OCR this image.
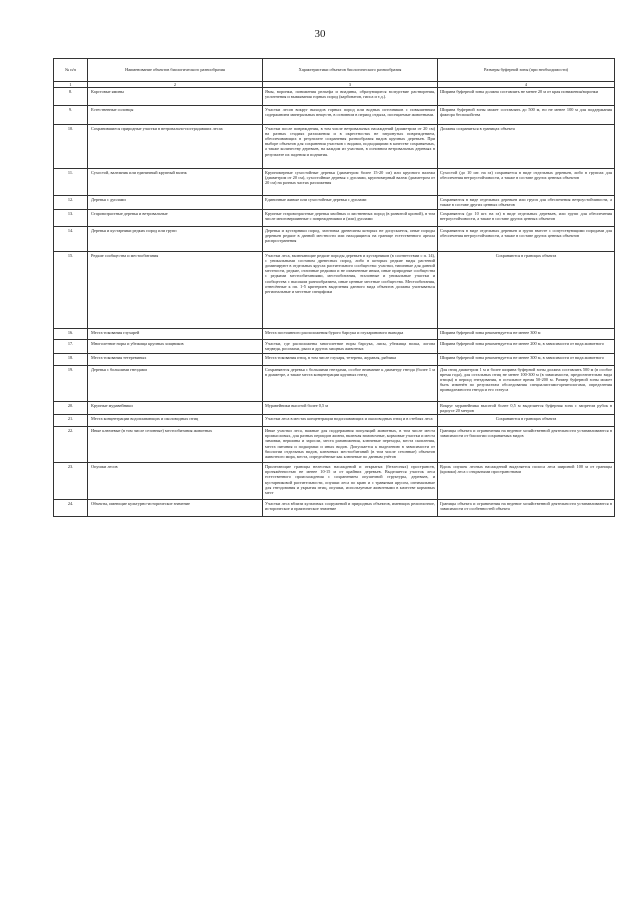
30
№ п/п	Наименование объектов биологического разнообразия	Характеристики объектов биологического разнообразия	Размеры буферной зоны (при необходимости)
1	2	3	4
8.	Карстовые ямины	Ямы, воронки, понижения рельефа и впадины, образующиеся вследствие растворения, уплотнения и вымывания горных пород (карбонатов, гипса и т.д.).	Ширина буферной зоны должна составлять не менее 20 м от края понижения/воронки
9.	Естественные солонцы	Участки лесов вокруг выходов горных пород или водных источников с повышенным содержанием минеральных веществ, в основном в период отдыха, посещаемые животными.	Ширина буферной зоны может составлять до 500 м, но не менее 100 м для поддержания фактора беспокойства
10.	Сохранившиеся природные участки в ветровально-пострадавших лесах	Участки после повреждения, в том числе ветровальных насаждений (диаметром от 20 см) на разных стадиях разложения и в окрестностях не затронутых повреждением, обеспечивающих в результате сохранения разнообразия видов крупных деревьев. При выборе объектов для сохранения участков с видами, подходящими в качестве сохраняемых, а также количеству деревьев, на каждом из участков, в основном ветровальных деревьях в результате их падения и поднятия.	Должны сохраняться в границах объекта
11.	Сухостой, валежник или единичный крупный валеж	Крупномерные сухостойные деревья (диаметром более 15-20 см) или крупного валежа (диаметром от 20 см), сухостойные деревья с дуплами, крупномерный валеж (диаметром от 20 см) на разных частях разложения	Сухостой (до 10 шт. на га) сохраняется в виде отдельных деревьев, либо в группах для обеспечения ветроустойчивости, а также в составе других ценных объектов
12.	Деревья с дуплами	Единичные живые или сухостойные деревья с дуплами	Сохраняются в виде отдельных деревьев или групп для обеспечения ветроустойчивости, а также в составе других ценных объектов
13.	Старовозрастные деревья и ветровальные	Крупные старовозрастные деревья хвойных и лиственных пород (в развитой кроной), в том числе многовершинные с повреждениями и (или) дуплами	Сохраняются (до 10 шт. на га) в виде отдельных деревьев, или групп для обеспечения ветроустойчивости, а также в составе других ценных объектов
14.	Деревья и кустарники редких пород или групп	Деревья и кустарники пород, заготовка древесины которых не допускается, иные породы деревьев редкие в данной местности или находящиеся на границе естественного ареала распространения	Сохраняются в виде отдельных деревьев и групп вместе с сопутствующими породами для обеспечения ветроустойчивости, а также в составе других ценных объектов
15.	Редкие сообщества и местообитания	Участки леса, включающие редкие породы деревьев и кустарников (в соответствии с п. 14), с уникальными составом древесных пород, либо в которых редкие виды растений доминируют в отдельных ярусах растительного сообщества: участки, типичные для данной местности, редкие, отличные редкими и не охваченные иным, иные природные сообщества с редкими местообитаниями, местообитания, эталонные и уникальные участки и сообщества с высоким разнообразием, иные ценные местные сообщества. Местообитания, отнесённые к пп. 1-5 критериев выделения данного вида объектов должны учитываться региональные и местные специфики	Сохраняются в границах объекта
16.	Места токования глухарей	Места постоянного расположения бурого барсука и глухаринового выводка	Ширина буферной зоны рекомендуется не менее 300 м
17.	Многолетние норы и убежища крупных хищников	Участки, где расположены многолетние норы барсука, лисы, убежища волка, логова медведя, росомахи, рыси и других хищных животных	Ширина буферной зоны рекомендуется не менее 200 м, в зависимости от вида животного
18.	Места токования тетеревиных	Места токования птиц, в том числе глухаря, тетерева, журавля, рябчика	Ширина буферной зоны рекомендуется не менее 300 м, в зависимости от вида животного
19.	Деревья с большими гнездами	Сохраняются деревья с большими гнездами, особое внимание к диаметру гнезда (более 1 м в диаметре, а также места концентрации крупных гнезд	Для птиц диаметром 1 м и более ширина буферной зоны должна составлять 500 м (в особое время года), для остальных птиц не менее 100-300 м (в зависимости, предпочтительно вида птицы) в период гнездования, в остальное время 50-200 м. Размер буферной зоны может быть изменён по результатам обследования специалистами-орнитологами, определения принадлежности гнезда и его статуса
20.	Крупные муравейники	Муравейники высотой более 0,5 м	Вокруг муравейника высотой более 0,5 м выделяется буферная зона с запретом рубок в радиусе 20 метров
21.	Места концентрации водоплавающих и околоводных птиц	Участки леса в местах концентрации водоплавающих и околоводных птиц и в стеблях леса	Сохраняются в границах объекта
22.	Иные ключевые (в том числе сезонные) местообитания животных	Иные участки леса, важные для поддержания популяций животных, в том числе места промысловых, для разных периодов жизни, включая зимовочные, кормовые участки и места зимовки, вершины и заросли, места размножения, ключевые переходы, места скопления, места питания и подкормки и иных видов. Допускается к выделению в зависимости от биологии отдельных видов, ключевых местообитаний (в том числе сезонные) объектов животного мира, места, определённые как ключевые по данным учётов	Границы объекта и ограничения на ведение хозяйственной деятельности устанавливаются в зависимости от биологии сохраняемых видов
23.	Опушки лесов	Прилегающие границы нелесных насаждений и открытых (безлесных) пространств, протяжённостью не менее 10-15 м от крайних деревьев. Выделяется участок леса естественного происхождения с сохранением опушечной структуры, деревьев, и кустарниковой растительности, опушки леса по краю и с травяным ярусом, оптимальные для гнездования и укрытия птиц, опушки, используемые животными в качестве кормовых мест	Вдоль опушек лесных насаждений выделяется полоса леса шириной 100 м от границы (кромки) леса с открытыми пространствами
24.	Объекты, имеющие культурно-историческое значение	Участки леса вблизи культовых сооружений и природных объектов, имеющих религиозное, историческое и практическое значение	Границы объекта и ограничения на ведение хозяйственной деятельности устанавливаются в зависимости от особенностей объекта
